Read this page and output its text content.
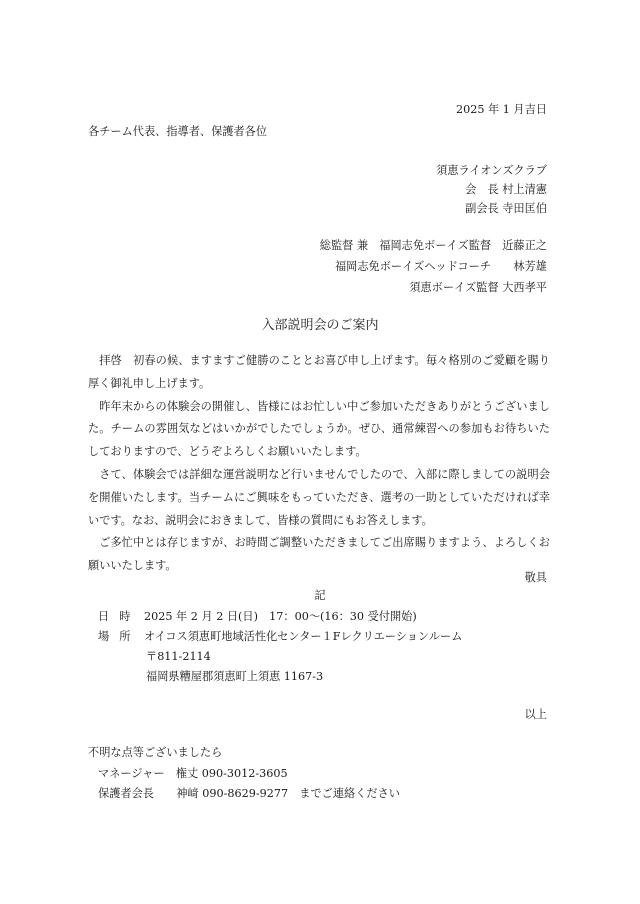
2025 年 1 月吉日
各チーム代表、指導者、保護者各位
須恵ライオンズクラブ
会　長 村上清憲
副会長 寺田匡伯
総監督 兼　福岡志免ボーイズ監督　近藤正之
福岡志免ボーイズヘッドコーチ　　林芳雄
須恵ボーイズ監督 大西孝平
入部説明会のご案内

拝啓　初春の候、ますますご健勝のこととお喜び申し上げます。毎々格別のご愛顧を賜り厚く御礼申し上げます。

昨年末からの体験会の開催し、皆様にはお忙しい中ご参加いただきありがとうございました。チームの雰囲気などはいかがでしたでしょうか。ぜひ、通常練習への参加もお待ちいたしておりますので、どうぞよろしくお願いいたします。

さて、体験会では詳細な運営説明など行いませんでしたので、入部に際しましての説明会を開催いたします。当チームにご興味をもっていただき、選考の一助としていただければ幸いです。なお、説明会におきまして、皆様の質問にもお答えします。

ご多忙中とは存じますが、お時間ご調整いただきましてご出席賜りますよう、よろしくお願いいたします。

敬具
記
日時 2025 年 2 月 2 日(日)　17：00〜(16：30 受付開始)
場所 オイコス須恵町地域活性化センター１Fレクリエーションルーム
〒811-2114
福岡県糟屋郡須恵町上須恵 1167-3
以上
不明な点等ございましたら
マネージャー　権丈 090-3012-3605
保護者会長　　神﨑 090-8629-9277　までご連絡ください
